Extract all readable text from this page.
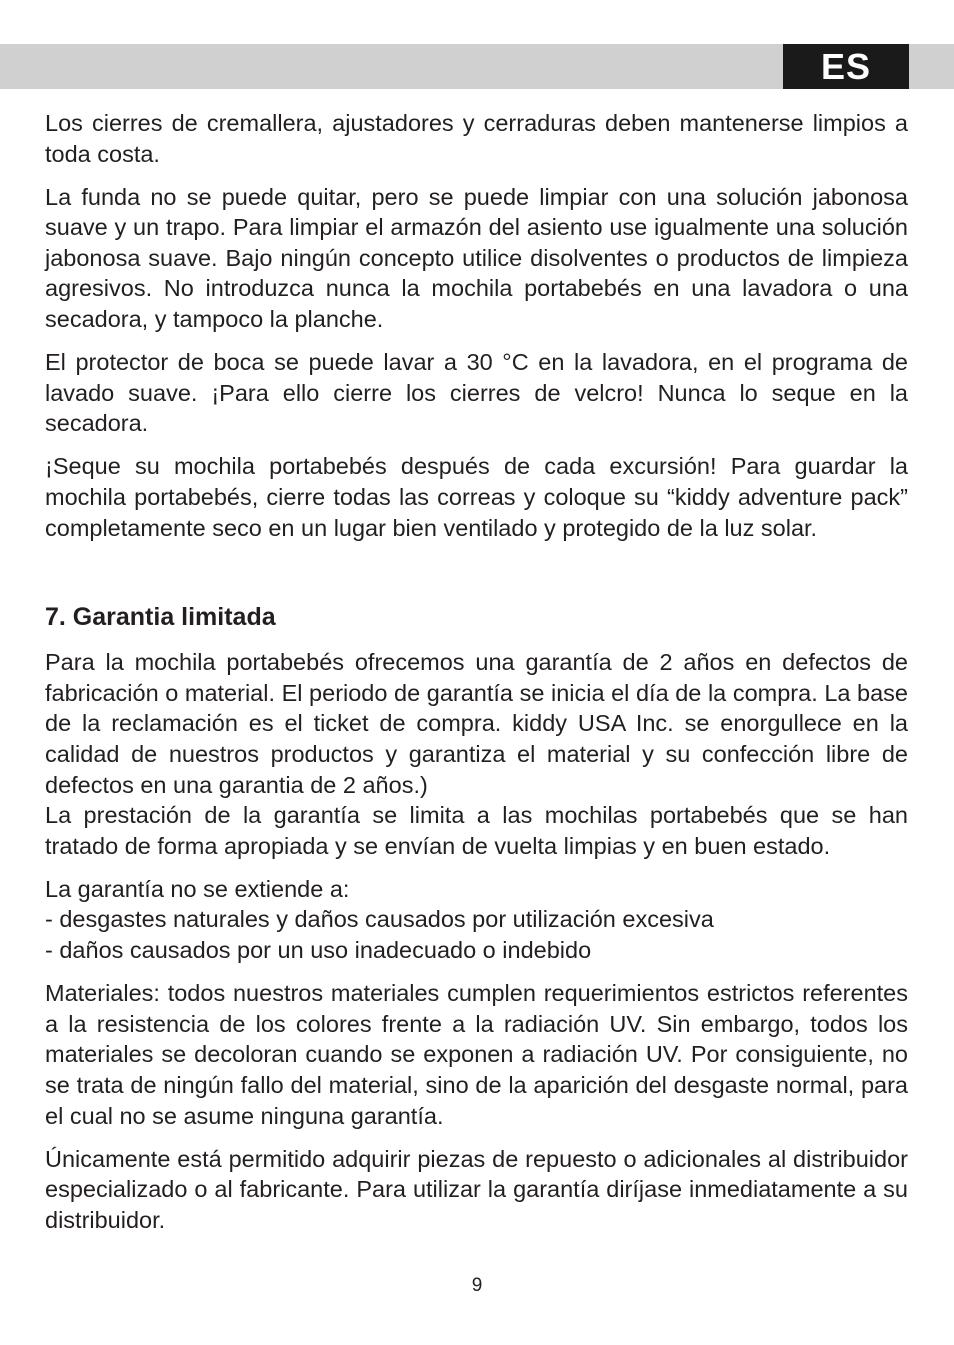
ES

Los cierres de cremallera, ajustadores y cerraduras deben mantenerse limpios a toda costa.

La funda no se puede quitar, pero se puede limpiar con una solución jabonosa suave y un trapo. Para limpiar el armazón del asiento use igualmente una solución jabonosa suave. Bajo ningún concepto utilice disolventes o productos de limpieza agresivos. No introduzca nunca la mochila portabebés en una lavadora o una secadora, y tampoco la planche.

El protector de boca se puede lavar a 30 °C en la lavadora, en el programa de lavado suave. ¡Para ello cierre los cierres de velcro! Nunca lo seque en la secadora.

¡Seque su mochila portabebés después de cada excursión! Para guardar la mochila portabebés, cierre todas las correas y coloque su “kiddy adventure pack” completamente seco en un lugar bien ventilado y protegido de la luz solar.

7. Garantia limitada

Para la mochila portabebés ofrecemos una garantía de 2 años en defectos de fabricación o material. El periodo de garantía se inicia el día de la compra. La base de la reclamación es el ticket de compra. kiddy USA Inc. se enorgullece en la calidad de nuestros productos y garantiza el material y su confección libre de defectos en una garantia de 2 años.)

La prestación de la garantía se limita a las mochilas portabebés que se han tratado de forma apropiada y se envían de vuelta limpias y en buen estado.

La garantía no se extiende a:
- desgastes naturales y daños causados por utilización excesiva
- daños causados por un uso inadecuado o indebido

Materiales: todos nuestros materiales cumplen requerimientos estrictos referentes a la resistencia de los colores frente a la radiación UV. Sin embargo, todos los materiales se decoloran cuando se exponen a radiación UV. Por consiguiente, no se trata de ningún fallo del material, sino de la aparición del desgaste normal, para el cual no se asume ninguna garantía.

Únicamente está permitido adquirir piezas de repuesto o adicionales al distribuidor especializado o al fabricante. Para utilizar la garantía diríjase inmediatamente a su distribuidor.

9
